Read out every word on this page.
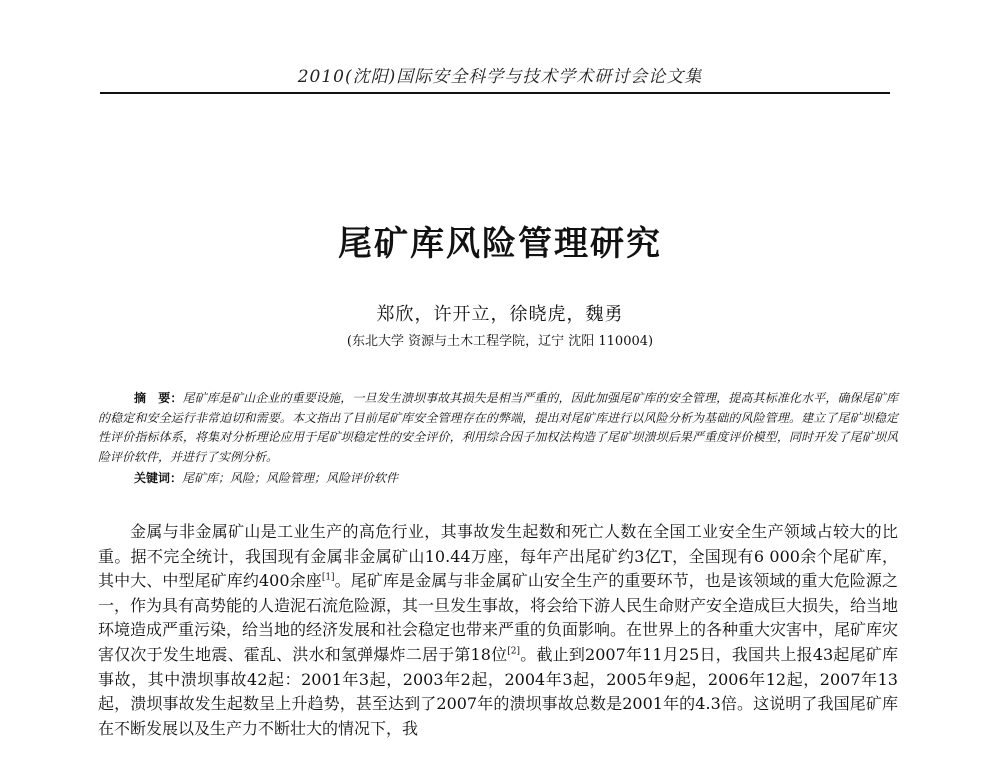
2010(沈阳)国际安全科学与技术学术研讨会论文集
尾矿库风险管理研究
郑欣，许开立，徐晓虎，魏勇
(东北大学 资源与土木工程学院，辽宁 沈阳 110004)
摘　要：尾矿库是矿山企业的重要设施，一旦发生溃坝事故其损失是相当严重的，因此加强尾矿库的安全管理，提高其标准化水平，确保尾矿库的稳定和安全运行非常迫切和需要。本文指出了目前尾矿库安全管理存在的弊端，提出对尾矿库进行以风险分析为基础的风险管理。建立了尾矿坝稳定性评价指标体系，将集对分析理论应用于尾矿坝稳定性的安全评价，利用综合因子加权法构造了尾矿坝溃坝后果严重度评价模型，同时开发了尾矿坝风险评价软件，并进行了实例分析。
关键词：尾矿库；风险；风险管理；风险评价软件

金属与非金属矿山是工业生产的高危行业，其事故发生起数和死亡人数在全国工业安全生产领域占较大的比重。据不完全统计，我国现有金属非金属矿山10.44万座，每年产出尾矿约3亿T，全国现有6 000余个尾矿库，其中大、中型尾矿库约400余座[1]。尾矿库是金属与非金属矿山安全生产的重要环节，也是该领域的重大危险源之一，作为具有高势能的人造泥石流危险源，其一旦发生事故，将会给下游人民生命财产安全造成巨大损失，给当地环境造成严重污染，给当地的经济发展和社会稳定也带来严重的负面影响。在世界上的各种重大灾害中，尾矿库灾害仅次于发生地震、霍乱、洪水和氢弹爆炸二居于第18位[2]。截止到2007年11月25日，我国共上报43起尾矿库事故，其中溃坝事故42起：2001年3起，2003年2起，2004年3起，2005年9起，2006年12起，2007年13起，溃坝事故发生起数呈上升趋势，甚至达到了2007年的溃坝事故总数是2001年的4.3倍。这说明了我国尾矿库在不断发展以及生产力不断壮大的情况下，我
